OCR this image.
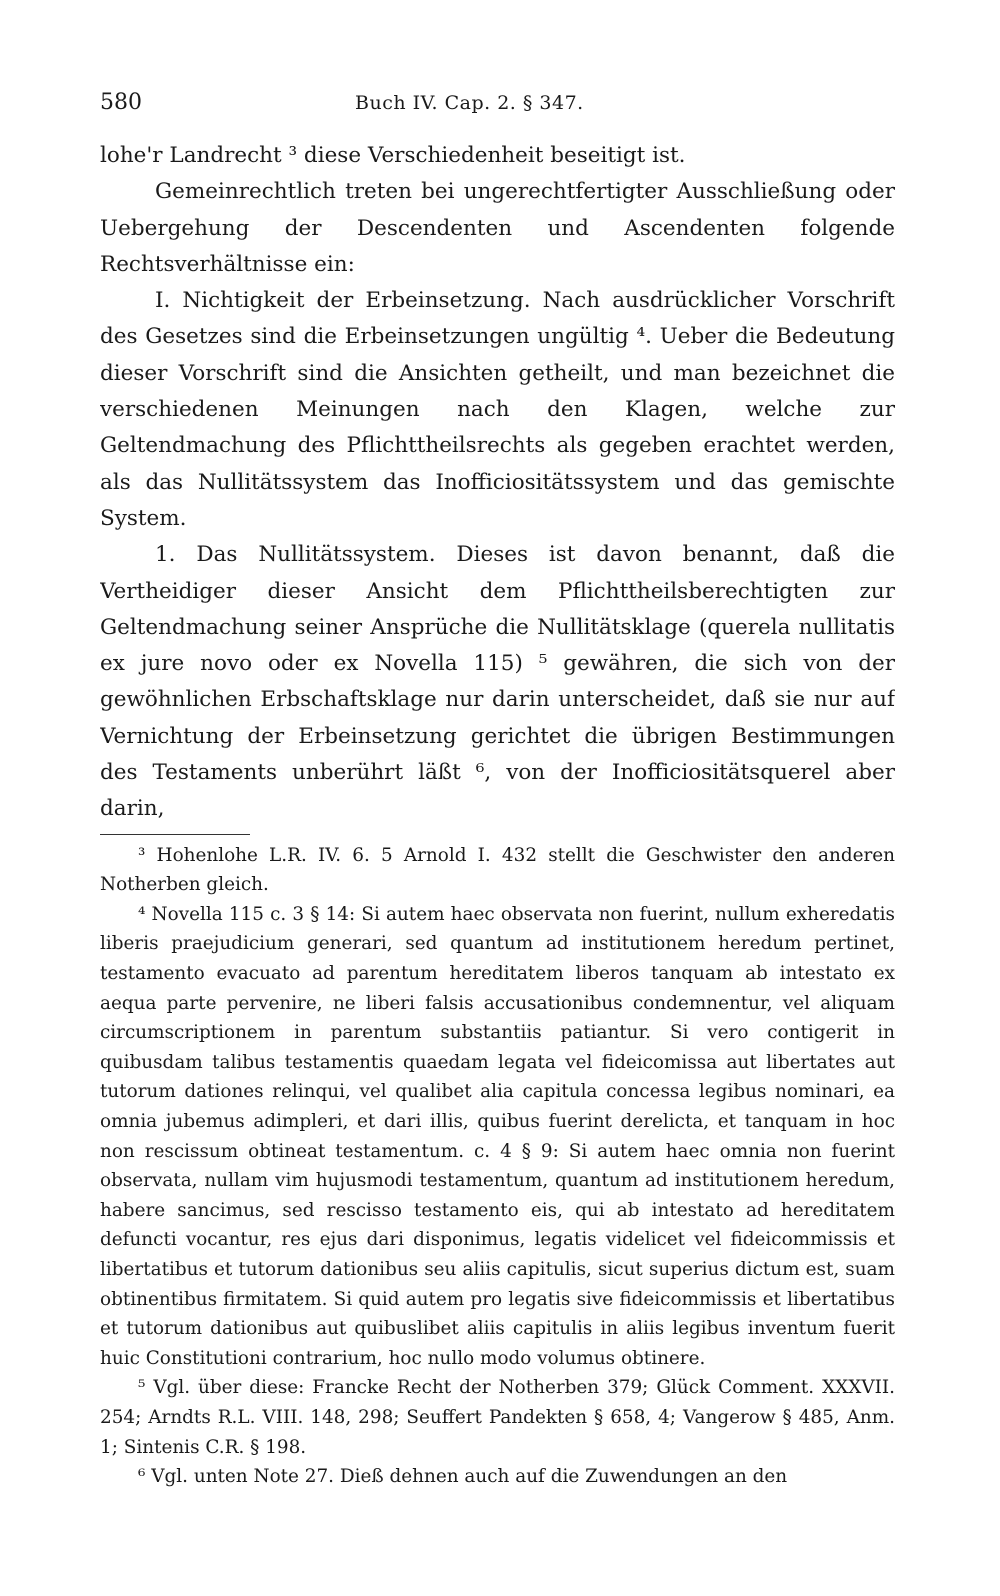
580	Buch IV. Cap. 2. § 347.

lohe'r Landrecht ³ diese Verschiedenheit beseitigt ist.

Gemeinrechtlich treten bei ungerechtfertigter Ausschließung oder Uebergehung der Descendenten und Ascendenten folgende Rechtsverhältnisse ein:

I. Nichtigkeit der Erbeinsetzung. Nach ausdrücklicher Vorschrift des Gesetzes sind die Erbeinsetzungen ungültig ⁴. Ueber die Bedeutung dieser Vorschrift sind die Ansichten getheilt, und man bezeichnet die verschiedenen Meinungen nach den Klagen, welche zur Geltendmachung des Pflichttheilsrechts als gegeben erachtet werden, als das Nullitätssystem das Inofficiositätssystem und das gemischte System.

1. Das Nullitätssystem. Dieses ist davon benannt, daß die Vertheidiger dieser Ansicht dem Pflichttheilsberechtigten zur Geltendmachung seiner Ansprüche die Nullitätsklage (querela nullitatis ex jure novo oder ex Novella 115) ⁵ gewähren, die sich von der gewöhnlichen Erbschaftsklage nur darin unterscheidet, daß sie nur auf Vernichtung der Erbeinsetzung gerichtet die übrigen Bestimmungen des Testaments unberührt läßt ⁶, von der Inofficiositätsquerel aber darin,

³ Hohenlohe L.R. IV. 6. 5 Arnold I. 432 stellt die Geschwister den anderen Notherben gleich.

⁴ Novella 115 c. 3 § 14: Si autem haec observata non fuerint, nullum exheredatis liberis praejudicium generari, sed quantum ad institutionem heredum pertinet, testamento evacuato ad parentum hereditatem liberos tanquam ab intestato ex aequa parte pervenire, ne liberi falsis accusationibus condemnentur, vel aliquam circumscriptionem in parentum substantiis patiantur. Si vero contigerit in quibusdam talibus testamentis quaedam legata vel fideicomissa aut libertates aut tutorum dationes relinqui, vel qualibet alia capitula concessa legibus nominari, ea omnia jubemus adimpleri, et dari illis, quibus fuerint derelicta, et tanquam in hoc non rescissum obtineat testamentum. c. 4 § 9: Si autem haec omnia non fuerint observata, nullam vim hujusmodi testamentum, quantum ad institutionem heredum, habere sancimus, sed rescisso testamento eis, qui ab intestato ad hereditatem defuncti vocantur, res ejus dari disponimus, legatis videlicet vel fideicommissis et libertatibus et tutorum dationibus seu aliis capitulis, sicut superius dictum est, suam obtinentibus firmitatem. Si quid autem pro legatis sive fideicommissis et libertatibus et tutorum dationibus aut quibuslibet aliis capitulis in aliis legibus inventum fuerit huic Constitutioni contrarium, hoc nullo modo volumus obtinere.

⁵ Vgl. über diese: Francke Recht der Notherben 379; Glück Comment. XXXVII. 254; Arndts R.L. VIII. 148, 298; Seuffert Pandekten § 658, 4; Vangerow § 485, Anm. 1; Sintenis C.R. § 198.

⁶ Vgl. unten Note 27. Dieß dehnen auch auf die Zuwendungen an den
